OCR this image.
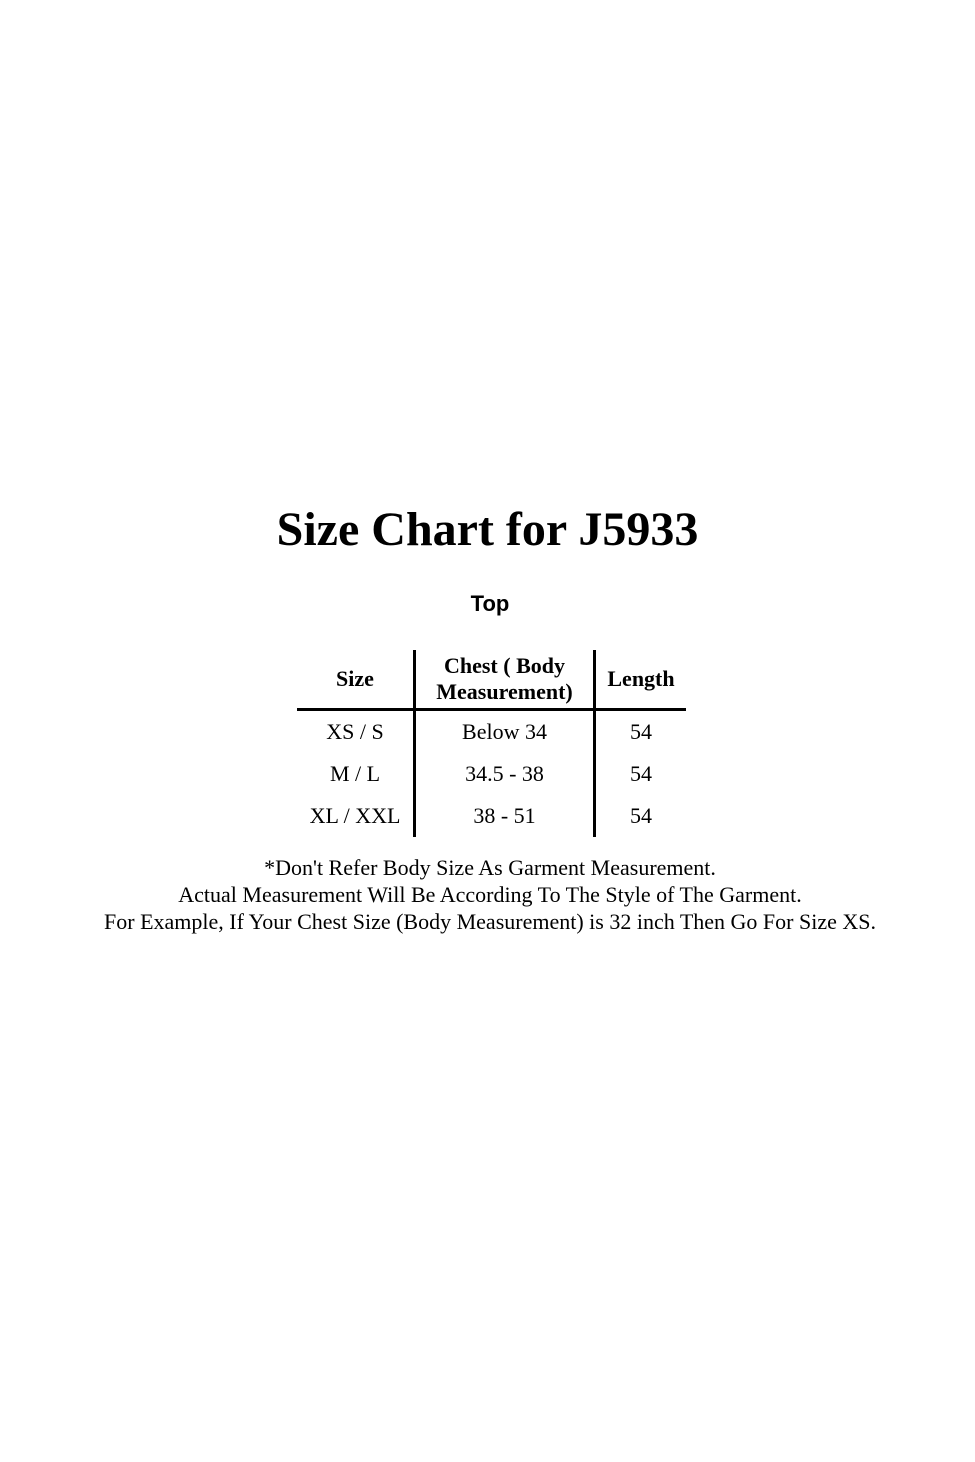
Size Chart for J5933
Top
Size	Chest ( Body Measurement)	Length
XS / S	Below 34	54
M / L	34.5 - 38	54
XL / XXL	38 - 51	54
*Don't Refer Body Size As Garment Measurement.
Actual Measurement Will Be According To The Style of The Garment.
For Example, If Your Chest Size (Body Measurement) is 32 inch Then Go For Size XS.
